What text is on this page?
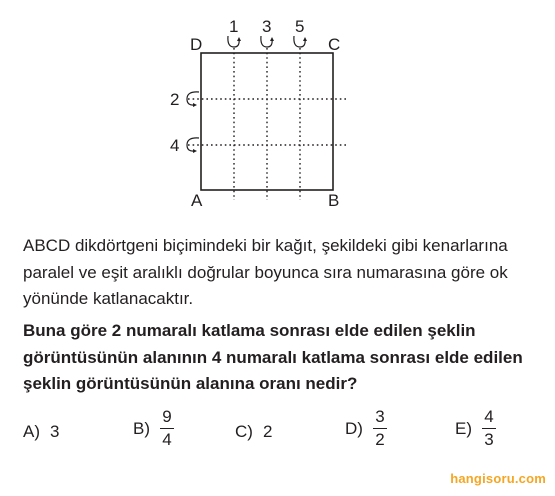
D	C
A	B
1 3 5
2
4

ABCD dikdörtgeni biçimindeki bir kağıt, şekildeki gibi kenarlarına paralel ve eşit aralıklı doğrular boyunca sıra numarasına göre ok yönünde katlanacaktır.

Buna göre 2 numaralı katlama sonrası elde edilen şeklin görüntüsünün alanının 4 numaralı katlama sonrası elde edilen şeklin görüntüsünün alanına oranı nedir?

A) 3	$B) \frac{9}{4}$	C) 2	$D) \frac{3}{2}$	$E) \frac{4}{3}$
hangisoru.com
